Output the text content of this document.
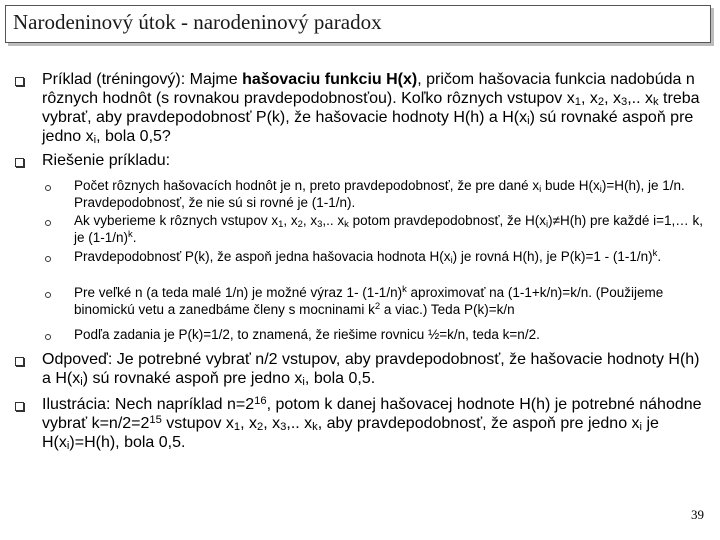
Narodeninový útok - narodeninový paradox

Príklad (tréningový): Majme hašovaciu funkciu H(x), pričom hašovacia funkcia nadobúda n rôznych hodnôt (s rovnakou pravdepodobnosťou). Koľko rôznych vstupov $x_1$, $x_2$, $x_3$,.. $x_k$ treba vybrať, aby pravdepodobnosť P(k), že hašovacie hodnoty H(h) a $H(x_i)$ sú rovnaké aspoň pre jedno $x_i$, bola 0,5?

Riešenie príkladu:

Počet rôznych hašovacích hodnôt je n, preto pravdepodobnosť, že pre dané $x_i$ bude $H(x_i)=H(h)$, je 1/n. Pravdepodobnosť, že nie sú si rovné je (1-1/n).

Ak vyberieme k rôznych vstupov $x_1$, $x_2$, $x_3$,.. $x_k$ potom pravdepodobnosť, že $H(x_i)\ne H(h)$ pre každé i=1,… k, je $(1-1/n)^k$.

Pravdepodobnosť P(k), že aspoň jedna hašovacia hodnota $H(x_i)$ je rovná H(h), je $P(k)=1 - (1-1/n)^k$.

Pre veľké n (a teda malé 1/n) je možné výraz 1- $(1-1/n)^k$ aproximovať na (1-1+k/n)=k/n. (Použijeme binomickú vetu a zanedbáme členy s mocninami $k^2$ a viac.) Teda P(k)=k/n

Podľa zadania je P(k)=1/2, to znamená, že riešime rovnicu ½=k/n, teda k=n/2.

Odpoveď: Je potrebné vybrať n/2 vstupov, aby pravdepodobnosť, že hašovacie hodnoty H(h) a $H(x_i)$ sú rovnaké aspoň pre jedno $x_i$, bola 0,5.

Ilustrácia: Nech napríklad $n=2^{16}$, potom k danej hašovacej hodnote H(h) je potrebné náhodne vybrať $k=n/2=2^{15}$ vstupov $x_1$, $x_2$, $x_3$,.. $x_k$, aby pravdepodobnosť, že aspoň pre jedno $x_i$ je $H(x_i)=H(h)$, bola 0,5.

39
